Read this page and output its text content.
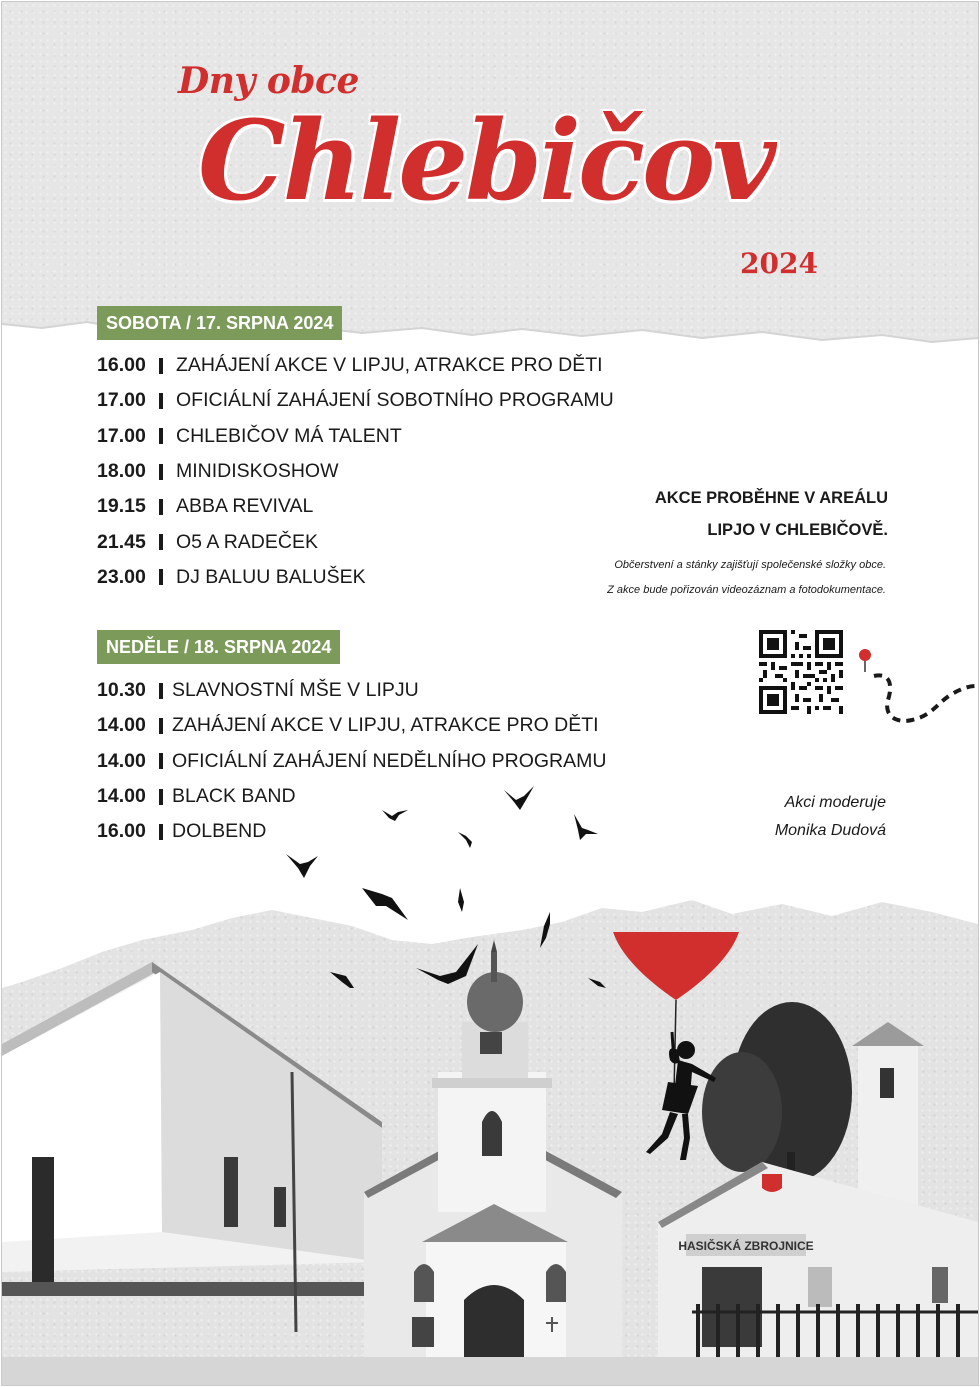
Dny obce
Chlebičov
2024
SOBOTA / 17. SRPNA 2024
16.00	ZAHÁJENÍ AKCE V LIPJU, ATRAKCE PRO DĚTI
17.00	OFICIÁLNÍ ZAHÁJENÍ SOBOTNÍHO PROGRAMU
17.00	CHLEBIČOV MÁ TALENT
18.00	MINIDISKOSHOW
19.15	ABBA REVIVAL
21.45	O5 A RADEČEK
23.00	DJ BALUU BALUŠEK
NEDĚLE / 18. SRPNA 2024
10.30	SLAVNOSTNÍ MŠE V LIPJU
14.00	ZAHÁJENÍ AKCE V LIPJU, ATRAKCE PRO DĚTI
14.00	OFICIÁLNÍ ZAHÁJENÍ NEDĚLNÍHO PROGRAMU
14.00	BLACK BAND
16.00	DOLBEND
AKCE PROBĚHNE V AREÁLU
LIPJO V CHLEBIČOVĚ.

Občerstvení a stánky zajišťují společenské složky obce.

Z akce bude pořizován videozáznam a fotodokumentace.

Akci moderuje

Monika Dudová

HASIČSKÁ ZBROJNICE
